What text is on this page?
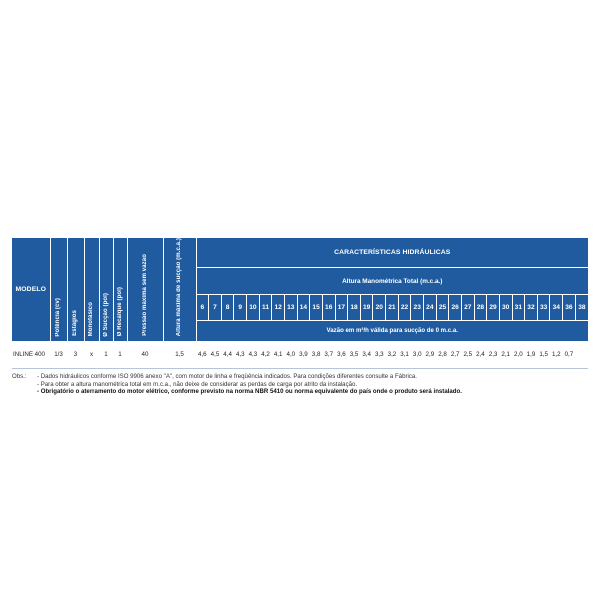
MODELO	Potência (cv)	Estágios	Monofásico	Ø Sucção (pol)	Ø Recalque (pol)	Pressão máxima sem vazão	Altura máxima de sucção (m.c.a.)	CARACTERÍSTICAS HIDRÁULICAS																														
								Altura Manométrica Total (m.c.a.)																														
								6	7	8	9	10	11	12	13	14	15	16	17	18	19	20	21	22	23	24	25	26	27	28	29	30	31	32	33	34	36	38
								Vazão em m³/h válida para sucção de 0 m.c.a.																														
INLINE 400	1/3	3	x	1	1	40	1,5	4,6	4,5	4,4	4,3	4,3	4,2	4,1	4,0	3,9	3,8	3,7	3,6	3,5	3,4	3,3	3,2	3,1	3,0	2,9	2,8	2,7	2,5	2,4	2,3	2,1	2,0	1,9	1,5	1,2	0,7	
Obs.:	- Dados hidráulicos conforme ISO 9906 anexo "A", com motor de linha e freqüência indicados. Para condições diferentes consulte a Fábrica.
- Para obter a altura manométrica total em m.c.a., não deixe de considerar as perdas de carga por atrito da instalação.
- Obrigatório o aterramento do motor elétrico, conforme previsto na norma NBR 5410 ou norma equivalente do país onde o produto será instalado.
